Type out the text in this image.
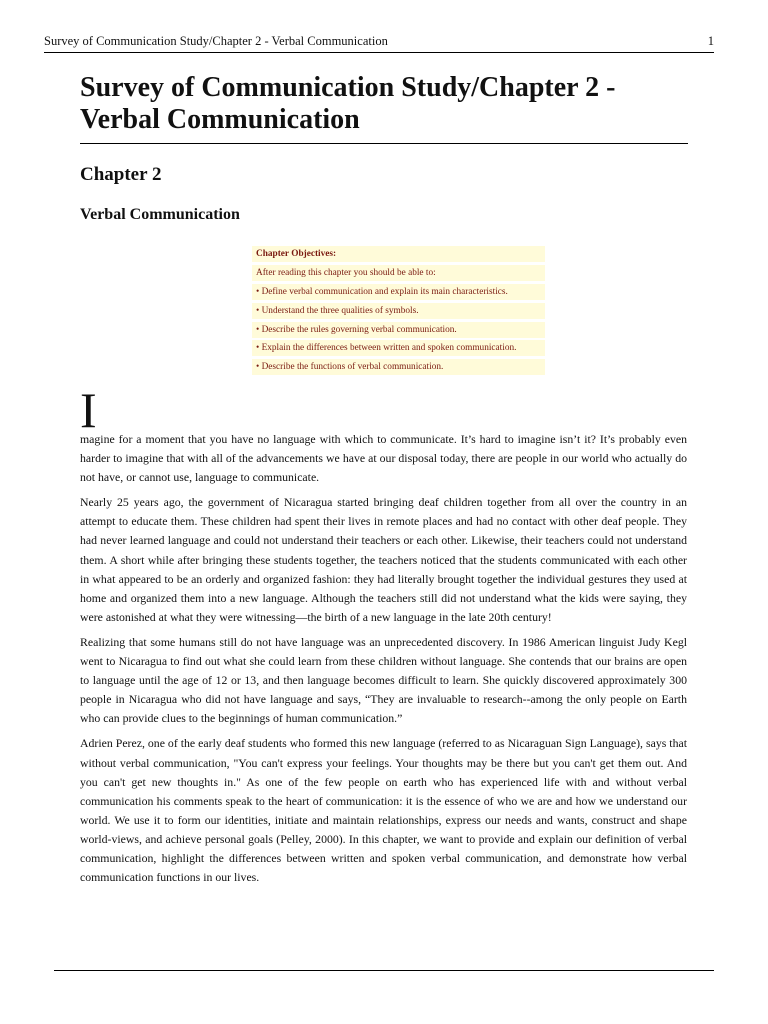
Survey of Communication Study/Chapter 2 - Verbal Communication	1
Survey of Communication Study/Chapter 2 - Verbal Communication
Chapter 2
Verbal Communication
Chapter Objectives:
After reading this chapter you should be able to:
• Define verbal communication and explain its main characteristics.
• Understand the three qualities of symbols.
• Describe the rules governing verbal communication.
• Explain the differences between written and spoken communication.
• Describe the functions of verbal communication.
I

magine for a moment that you have no language with which to communicate. It’s hard to imagine isn’t it? It’s probably even harder to imagine that with all of the advancements we have at our disposal today, there are people in our world who actually do not have, or cannot use, language to communicate.

Nearly 25 years ago, the government of Nicaragua started bringing deaf children together from all over the country in an attempt to educate them. These children had spent their lives in remote places and had no contact with other deaf people. They had never learned language and could not understand their teachers or each other. Likewise, their teachers could not understand them. A short while after bringing these students together, the teachers noticed that the students communicated with each other in what appeared to be an orderly and organized fashion: they had literally brought together the individual gestures they used at home and organized them into a new language. Although the teachers still did not understand what the kids were saying, they were astonished at what they were witnessing—the birth of a new language in the late 20th century!

Realizing that some humans still do not have language was an unprecedented discovery. In 1986 American linguist Judy Kegl went to Nicaragua to find out what she could learn from these children without language. She contends that our brains are open to language until the age of 12 or 13, and then language becomes difficult to learn. She quickly discovered approximately 300 people in Nicaragua who did not have language and says, “They are invaluable to research--among the only people on Earth who can provide clues to the beginnings of human communication.”

Adrien Perez, one of the early deaf students who formed this new language (referred to as Nicaraguan Sign Language), says that without verbal communication, "You can't express your feelings. Your thoughts may be there but you can't get them out. And you can't get new thoughts in." As one of the few people on earth who has experienced life with and without verbal communication his comments speak to the heart of communication: it is the essence of who we are and how we understand our world. We use it to form our identities, initiate and maintain relationships, express our needs and wants, construct and shape world-views, and achieve personal goals (Pelley, 2000). In this chapter, we want to provide and explain our definition of verbal communication, highlight the differences between written and spoken verbal communication, and demonstrate how verbal communication functions in our lives.
